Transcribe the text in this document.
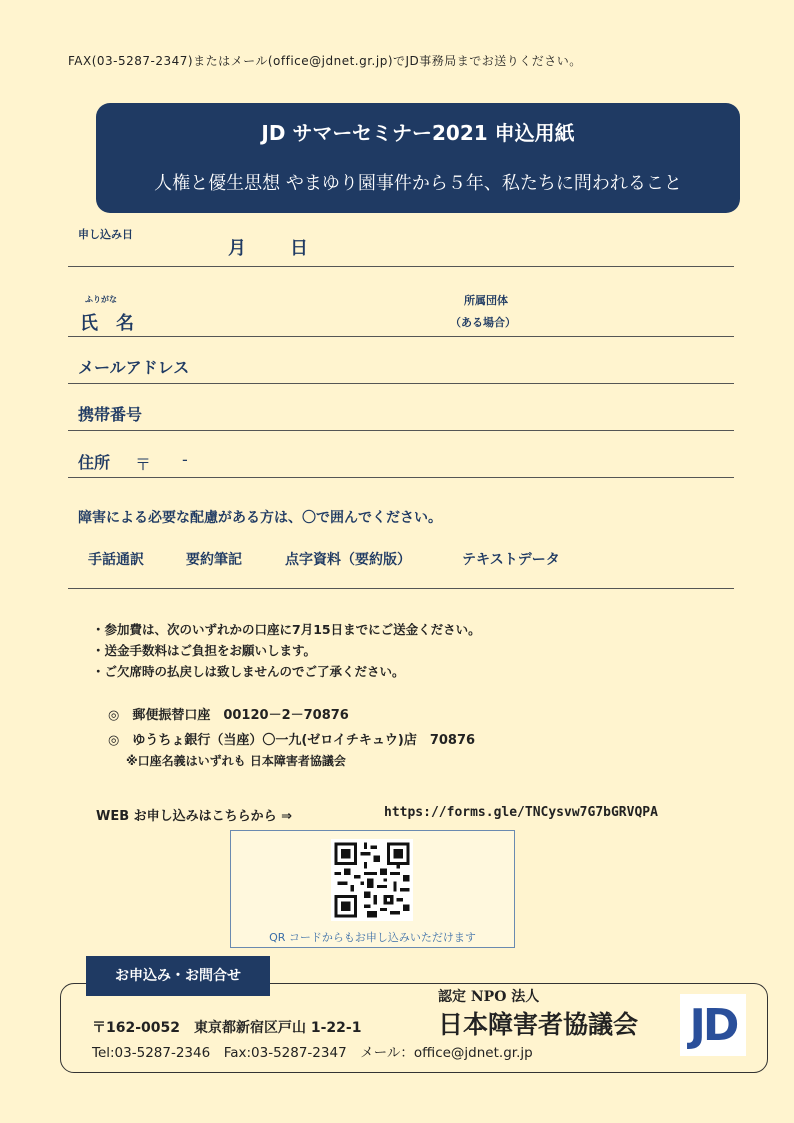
FAX(03-5287-2347)またはメール(office@jdnet.gr.jp)でJD事務局までお送りください。
JD サマーセミナー2021 申込用紙
人権と優生思想 やまゆり園事件から５年、私たちに問われること
申し込み日
月 日
ふりがな
氏　名
所属団体
（ある場合）
メールアドレス
携帯番号
住所 〒 -
障害による必要な配慮がある方は、〇で囲んでください。
手話通訳	要約筆記	点字資料（要約版）	テキストデータ
・参加費は、次のいずれかの口座に7月15日までにご送金ください。
・送金手数料はご負担をお願いします。
・ご欠席時の払戻しは致しませんのでご了承ください。
◎　郵便振替口座　00120－2－70876
◎　ゆうちょ銀行（当座）〇一九(ゼロイチキュウ)店　70876
※口座名義はいずれも 日本障害者協議会
WEB お申し込みはこちらから ⇒	https://forms.gle/TNCysvw7G7bGRVQPA
QR コードからもお申し込みいただけます
お申込み・お問合せ
認定 NPO 法人
日本障害者協議会
〒162-0052　東京都新宿区戸山 1-22-1
Tel:03-5287-2346　Fax:03-5287-2347　メール：office@jdnet.gr.jp
JD
